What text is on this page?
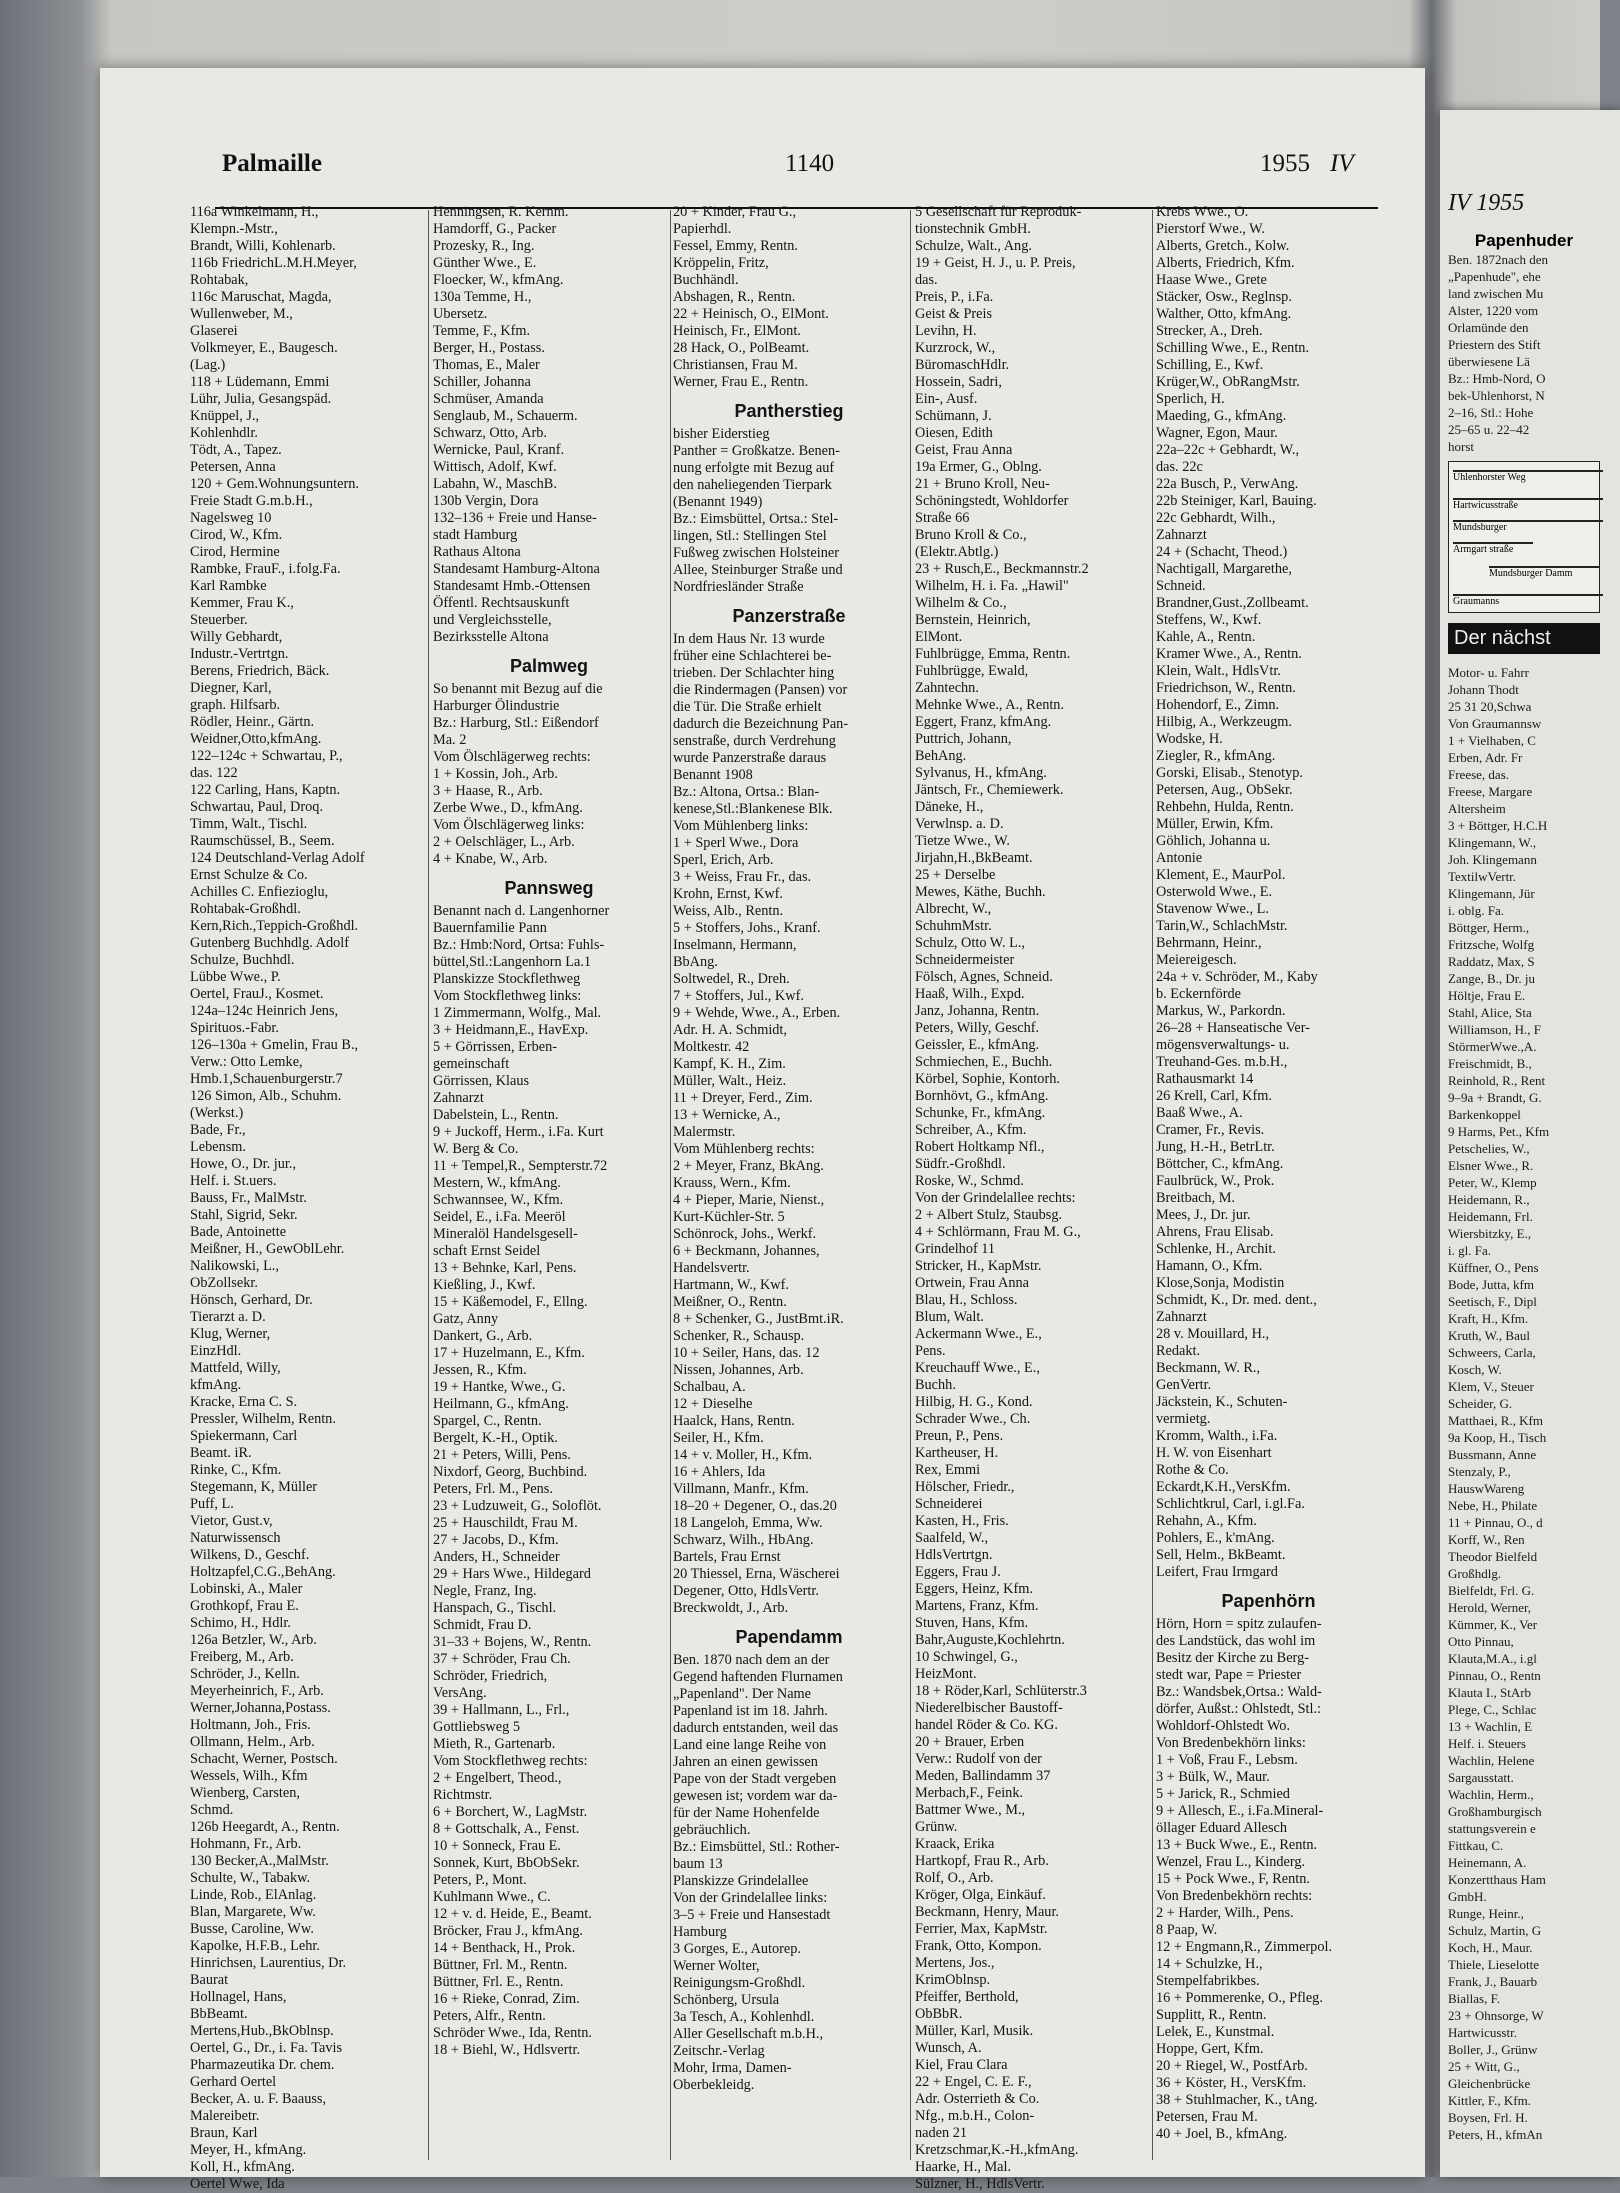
Palmaille	1140	1955 IV
116a Winkelmann, H.,
Klempn.-Mstr.,
Brandt, Willi, Kohlenarb.
116b FriedrichL.M.H.Meyer,
Rohtabak,
116c Maruschat, Magda,
Wullenweber, M.,
Glaserei
Volkmeyer, E., Baugesch.
(Lag.)
118 + Lüdemann, Emmi
Lühr, Julia, Gesangspäd.
Knüppel, J.,
Kohlenhdlr.
Tödt, A., Tapez.
Petersen, Anna
120 + Gem.Wohnungsuntern.
Freie Stadt G.m.b.H.,
Nagelsweg 10
Cirod, W., Kfm.
Cirod, Hermine
Rambke, FrauF., i.folg.Fa.
Karl Rambke
Kemmer, Frau K.,
Steuerber.
Willy Gebhardt,
Industr.-Vertrtgn.
Berens, Friedrich, Bäck.
Diegner, Karl,
graph. Hilfsarb.
Rödler, Heinr., Gärtn.
Weidner,Otto,kfmAng.
122–124c + Schwartau, P.,
das. 122
122 Carling, Hans, Kaptn.
Schwartau, Paul, Droq.
Timm, Walt., Tischl.
Raumschüssel, B., Seem.
124 Deutschland-Verlag Adolf
Ernst Schulze & Co.
Achilles C. Enfiezioglu,
Rohtabak-Großhdl.
Kern,Rich.,Teppich-Großhdl.
Gutenberg Buchhdlg. Adolf
Schulze, Buchhdl.
Lübbe Wwe., P.
Oertel, FrauJ., Kosmet.
124a–124c Heinrich Jens,
Spirituos.-Fabr.
126–130a + Gmelin, Frau B.,
Verw.: Otto Lemke,
Hmb.1,Schauenburgerstr.7
126 Simon, Alb., Schuhm.
(Werkst.)
Bade, Fr.,
Lebensm.
Howe, O., Dr. jur.,
Helf. i. St.uers.
Bauss, Fr., MalMstr.
Stahl, Sigrid, Sekr.
Bade, Antoinette
Meißner, H., GewOblLehr.
Nalikowski, L.,
ObZollsekr.
Hönsch, Gerhard, Dr.
Tierarzt a. D.
Klug, Werner,
EinzHdl.
Mattfeld, Willy,
kfmAng.
Kracke, Erna C. S.
Pressler, Wilhelm, Rentn.
Spiekermann, Carl
Beamt. iR.
Rinke, C., Kfm.
Stegemann, K, Müller
Puff, L.
Vietor, Gust.v,
Naturwissensch
Wilkens, D., Geschf.
Holtzapfel,C.G.,BehAng.
Lobinski, A., Maler
Grothkopf, Frau E.
Schimo, H., Hdlr.
126a Betzler, W., Arb.
Freiberg, M., Arb.
Schröder, J., Kelln.
Meyerheinrich, F., Arb.
Werner,Johanna,Postass.
Holtmann, Joh., Fris.
Ollmann, Helm., Arb.
Schacht, Werner, Postsch.
Wessels, Wilh., Kfm
Wienberg, Carsten,
Schmd.
126b Heegardt, A., Rentn.
Hohmann, Fr., Arb.
130 Becker,A.,MalMstr.
Schulte, W., Tabakw.
Linde, Rob., ElAnlag.
Blan, Margarete, Ww.
Busse, Caroline, Ww.
Kapolke, H.F.B., Lehr.
Hinrichsen, Laurentius, Dr.
Baurat
Hollnagel, Hans,
BbBeamt.
Mertens,Hub.,BkOblnsp.
Oertel, G., Dr., i. Fa. Tavis
Pharmazeutika Dr. chem.
Gerhard Oertel
Becker, A. u. F. Baauss,
Malereibetr.
Braun, Karl
Meyer, H., kfmAng.
Koll, H., kfmAng.
Oertel Wwe, Ida
Henningsen, R. Kernm.
Hamdorff, G., Packer
Prozesky, R., Ing.
Günther Wwe., E.
Floecker, W., kfmAng.
130a Temme, H.,
Ubersetz.
Temme, F., Kfm.
Berger, H., Postass.
Thomas, E., Maler
Schiller, Johanna
Schmüser, Amanda
Senglaub, M., Schauerm.
Schwarz, Otto, Arb.
Wernicke, Paul, Kranf.
Wittisch, Adolf, Kwf.
Labahn, W., MaschB.
130b Vergin, Dora
132–136 + Freie und Hanse-
stadt Hamburg
Rathaus Altona
Standesamt Hamburg-Altona
Standesamt Hmb.-Ottensen
Öffentl. Rechtsauskunft
und Vergleichsstelle,
Bezirksstelle Altona
Palmweg
So benannt mit Bezug auf die
Harburger Ölindustrie
Bz.: Harburg, Stl.: Eißendorf
Ma. 2
Vom Ölschlägerweg rechts:
1 + Kossin, Joh., Arb.
3 + Haase, R., Arb.
Zerbe Wwe., D., kfmAng.
Vom Ölschlägerweg links:
2 + Oelschläger, L., Arb.
4 + Knabe, W., Arb.
Pannsweg
Benannt nach d. Langenhorner
Bauernfamilie Pann
Bz.: Hmb:Nord, Ortsa: Fuhls-
büttel,Stl.:Langenhorn La.1
Planskizze Stockflethweg
Vom Stockflethweg links:
1 Zimmermann, Wolfg., Mal.
3 + Heidmann,E., HavExp.
5 + Görrissen, Erben-
gemeinschaft
Görrissen, Klaus
Zahnarzt
Dabelstein, L., Rentn.
9 + Juckoff, Herm., i.Fa. Kurt
W. Berg & Co.
11 + Tempel,R., Sempterstr.72
Mestern, W., kfmAng.
Schwannsee, W., Kfm.
Seidel, E., i.Fa. Meeröl
Mineralöl Handelsgesell-
schaft Ernst Seidel
13 + Behnke, Karl, Pens.
Kießling, J., Kwf.
15 + Käßemodel, F., Ellng.
Gatz, Anny
Dankert, G., Arb.
17 + Huzelmann, E., Kfm.
Jessen, R., Kfm.
19 + Hantke, Wwe., G.
Heilmann, G., kfmAng.
Spargel, C., Rentn.
Bergelt, K.-H., Optik.
21 + Peters, Willi, Pens.
Nixdorf, Georg, Buchbind.
Peters, Frl. M., Pens.
23 + Ludzuweit, G., Soloflöt.
25 + Hauschildt, Frau M.
27 + Jacobs, D., Kfm.
Anders, H., Schneider
29 + Hars Wwe., Hildegard
Negle, Franz, Ing.
Hanspach, G., Tischl.
Schmidt, Frau D.
31–33 + Bojens, W., Rentn.
37 + Schröder, Frau Ch.
Schröder, Friedrich,
VersAng.
39 + Hallmann, L., Frl.,
Gottliebsweg 5
Mieth, R., Gartenarb.
Vom Stockflethweg rechts:
2 + Engelbert, Theod.,
Richtmstr.
6 + Borchert, W., LagMstr.
8 + Gottschalk, A., Fenst.
10 + Sonneck, Frau E.
Sonnek, Kurt, BbObSekr.
Peters, P., Mont.
Kuhlmann Wwe., C.
12 + v. d. Heide, E., Beamt.
Bröcker, Frau J., kfmAng.
14 + Benthack, H., Prok.
Büttner, Frl. M., Rentn.
Büttner, Frl. E., Rentn.
16 + Rieke, Conrad, Zim.
Peters, Alfr., Rentn.
Schröder Wwe., Ida, Rentn.
18 + Biehl, W., Hdlsvertr.
20 + Kinder, Frau G.,
Papierhdl.
Fessel, Emmy, Rentn.
Kröppelin, Fritz,
Buchhändl.
Abshagen, R., Rentn.
22 + Heinisch, O., ElMont.
Heinisch, Fr., ElMont.
28 Hack, O., PolBeamt.
Christiansen, Frau M.
Werner, Frau E., Rentn.
Pantherstieg
bisher Eiderstieg
Panther = Großkatze. Benen-
nung erfolgte mit Bezug auf
den naheliegenden Tierpark
(Benannt 1949)
Bz.: Eimsbüttel, Ortsa.: Stel-
lingen, Stl.: Stellingen Stel
Fußweg zwischen Holsteiner
Allee, Steinburger Straße und
Nordfriesländer Straße
Panzerstraße
In dem Haus Nr. 13 wurde
früher eine Schlachterei be-
trieben. Der Schlachter hing
die Rindermagen (Pansen) vor
die Tür. Die Straße erhielt
dadurch die Bezeichnung Pan-
senstraße, durch Verdrehung
wurde Panzerstraße daraus
Benannt 1908
Bz.: Altona, Ortsa.: Blan-
kenese,Stl.:Blankenese Blk.
Vom Mühlenberg links:
1 + Sperl Wwe., Dora
Sperl, Erich, Arb.
3 + Weiss, Frau Fr., das.
Krohn, Ernst, Kwf.
Weiss, Alb., Rentn.
5 + Stoffers, Johs., Kranf.
Inselmann, Hermann,
BbAng.
Soltwedel, R., Dreh.
7 + Stoffers, Jul., Kwf.
9 + Wehde, Wwe., A., Erben.
Adr. H. A. Schmidt,
Moltkestr. 42
Kampf, K. H., Zim.
Müller, Walt., Heiz.
11 + Dreyer, Ferd., Zim.
13 + Wernicke, A.,
Malermstr.
Vom Mühlenberg rechts:
2 + Meyer, Franz, BkAng.
Krauss, Wern., Kfm.
4 + Pieper, Marie, Nienst.,
Kurt-Küchler-Str. 5
Schönrock, Johs., Werkf.
6 + Beckmann, Johannes,
Handelsvertr.
Hartmann, W., Kwf.
Meißner, O., Rentn.
8 + Schenker, G., JustBmt.iR.
Schenker, R., Schausp.
10 + Seiler, Hans, das. 12
Nissen, Johannes, Arb.
Schalbau, A.
12 + Dieselhe
Haalck, Hans, Rentn.
Seiler, H., Kfm.
14 + v. Moller, H., Kfm.
16 + Ahlers, Ida
Villmann, Manfr., Kfm.
18–20 + Degener, O., das.20
18 Langeloh, Emma, Ww.
Schwarz, Wilh., HbAng.
Bartels, Frau Ernst
20 Thiessel, Erna, Wäscherei
Degener, Otto, HdlsVertr.
Breckwoldt, J., Arb.
Papendamm
Ben. 1870 nach dem an der
Gegend haftenden Flurnamen
„Papenland". Der Name
Papenland ist im 18. Jahrh.
dadurch entstanden, weil das
Land eine lange Reihe von
Jahren an einen gewissen
Pape von der Stadt vergeben
gewesen ist; vordem war da-
für der Name Hohenfelde
gebräuchlich.
Bz.: Eimsbüttel, Stl.: Rother-
baum 13
Planskizze Grindelallee
Von der Grindelallee links:
3–5 + Freie und Hansestadt
Hamburg
3 Gorges, E., Autorep.
Werner Wolter,
Reinigungsm-Großhdl.
Schönberg, Ursula
3a Tesch, A., Kohlenhdl.
Aller Gesellschaft m.b.H.,
Zeitschr.-Verlag
Mohr, Irma, Damen-
Oberbekleidg.
5 Gesellschaft für Reproduk-
tionstechnik GmbH.
Schulze, Walt., Ang.
19 + Geist, H. J., u. P. Preis,
das.
Preis, P., i.Fa.
Geist & Preis
Levihn, H.
Kurzrock, W.,
BüromaschHdlr.
Hossein, Sadri,
Ein-, Ausf.
Schümann, J.
Oiesen, Edith
Geist, Frau Anna
19a Ermer, G., Oblng.
21 + Bruno Kroll, Neu-
Schöningstedt, Wohldorfer
Straße 66
Bruno Kroll & Co.,
(Elektr.Abtlg.)
23 + Rusch,E., Beckmannstr.2
Wilhelm, H. i. Fa. „Hawil"
Wilhelm & Co.,
Bernstein, Heinrich,
ElMont.
Fuhlbrügge, Emma, Rentn.
Fuhlbrügge, Ewald,
Zahntechn.
Mehnke Wwe., A., Rentn.
Eggert, Franz, kfmAng.
Puttrich, Johann,
BehAng.
Sylvanus, H., kfmAng.
Jäntsch, Fr., Chemiewerk.
Däneke, H.,
Verwlnsp. a. D.
Tietze Wwe., W.
Jirjahn,H.,BkBeamt.
25 + Derselbe
Mewes, Käthe, Buchh.
Albrecht, W.,
SchuhmMstr.
Schulz, Otto W. L.,
Schneidermeister
Fölsch, Agnes, Schneid.
Haaß, Wilh., Expd.
Janz, Johanna, Rentn.
Peters, Willy, Geschf.
Geissler, E., kfmAng.
Schmiechen, E., Buchh.
Körbel, Sophie, Kontorh.
Bornhövt, G., kfmAng.
Schunke, Fr., kfmAng.
Schreiber, A., Kfm.
Robert Holtkamp Nfl.,
Südfr.-Großhdl.
Roske, W., Schmd.
Von der Grindelallee rechts:
2 + Albert Stulz, Staubsg.
4 + Schlörmann, Frau M. G.,
Grindelhof 11
Stricker, H., KapMstr.
Ortwein, Frau Anna
Blau, H., Schloss.
Blum, Walt.
Ackermann Wwe., E.,
Pens.
Kreuchauff Wwe., E.,
Buchh.
Hilbig, H. G., Kond.
Schrader Wwe., Ch.
Preun, P., Pens.
Kartheuser, H.
Rex, Emmi
Hölscher, Friedr.,
Schneiderei
Kasten, H., Fris.
Saalfeld, W.,
HdlsVertrtgn.
Eggers, Frau J.
Eggers, Heinz, Kfm.
Martens, Franz, Kfm.
Stuven, Hans, Kfm.
Bahr,Auguste,Kochlehrtn.
10 Schwingel, G.,
HeizMont.
18 + Röder,Karl, Schlüterstr.3
Niederelbischer Baustoff-
handel Röder & Co. KG.
20 + Brauer, Erben
Verw.: Rudolf von der
Meden, Ballindamm 37
Merbach,F., Feink.
Battmer Wwe., M.,
Grünw.
Kraack, Erika
Hartkopf, Frau R., Arb.
Rolf, O., Arb.
Kröger, Olga, Einkäuf.
Beckmann, Henry, Maur.
Ferrier, Max, KapMstr.
Frank, Otto, Kompon.
Mertens, Jos.,
KrimOblnsp.
Pfeiffer, Berthold,
ObBbR.
Müller, Karl, Musik.
Wunsch, A.
Kiel, Frau Clara
22 + Engel, C. E. F.,
Adr. Osterrieth & Co.
Nfg., m.b.H., Colon-
naden 21
Kretzschmar,K.-H.,kfmAng.
Haarke, H., Mal.
Sülzner, H., HdlsVertr.
Krebs Wwe., O.
Pierstorf Wwe., W.
Alberts, Gretch., Kolw.
Alberts, Friedrich, Kfm.
Haase Wwe., Grete
Stäcker, Osw., Reglnsp.
Walther, Otto, kfmAng.
Strecker, A., Dreh.
Schilling Wwe., E., Rentn.
Schilling, E., Kwf.
Krüger,W., ObRangMstr.
Sperlich, H.
Maeding, G., kfmAng.
Wagner, Egon, Maur.
22a–22c + Gebhardt, W.,
das. 22c
22a Busch, P., VerwAng.
22b Steiniger, Karl, Bauing.
22c Gebhardt, Wilh.,
Zahnarzt
24 + (Schacht, Theod.)
Nachtigall, Margarethe,
Schneid.
Brandner,Gust.,Zollbeamt.
Steffens, W., Kwf.
Kahle, A., Rentn.
Kramer Wwe., A., Rentn.
Klein, Walt., HdlsVtr.
Friedrichson, W., Rentn.
Hohendorf, E., Zimn.
Hilbig, A., Werkzeugm.
Wodske, H.
Ziegler, R., kfmAng.
Gorski, Elisab., Stenotyp.
Petersen, Aug., ObSekr.
Rehbehn, Hulda, Rentn.
Müller, Erwin, Kfm.
Göhlich, Johanna u.
Antonie
Klement, E., MaurPol.
Osterwold Wwe., E.
Stavenow Wwe., L.
Tarin,W., SchlachMstr.
Behrmann, Heinr.,
Meiereigesch.
24a + v. Schröder, M., Kaby
b. Eckernförde
Markus, W., Parkordn.
26–28 + Hanseatische Ver-
mögensverwaltungs- u.
Treuhand-Ges. m.b.H.,
Rathausmarkt 14
26 Krell, Carl, Kfm.
Baaß Wwe., A.
Cramer, Fr., Revis.
Jung, H.-H., BetrLtr.
Böttcher, C., kfmAng.
Faulbrück, W., Prok.
Breitbach, M.
Mees, J., Dr. jur.
Ahrens, Frau Elisab.
Schlenke, H., Archit.
Hamann, O., Kfm.
Klose,Sonja, Modistin
Schmidt, K., Dr. med. dent.,
Zahnarzt
28 v. Mouillard, H.,
Redakt.
Beckmann, W. R.,
GenVertr.
Jäckstein, K., Schuten-
vermietg.
Kromm, Walth., i.Fa.
H. W. von Eisenhart
Rothe & Co.
Eckardt,K.H.,VersKfm.
Schlichtkrul, Carl, i.gl.Fa.
Rehahn, A., Kfm.
Pohlers, E., k'mAng.
Sell, Helm., BkBeamt.
Leifert, Frau Irmgard
Papenhörn
Hörn, Horn = spitz zulaufen-
des Landstück, das wohl im
Besitz der Kirche zu Berg-
stedt war, Pape = Priester
Bz.: Wandsbek,Ortsa.: Wald-
dörfer, Außst.: Ohlstedt, Stl.:
Wohldorf-Ohlstedt Wo.
Von Bredenbekhörn links:
1 + Voß, Frau F., Lebsm.
3 + Bülk, W., Maur.
5 + Jarick, R., Schmied
9 + Allesch, E., i.Fa.Mineral-
öllager Eduard Allesch
13 + Buck Wwe., E., Rentn.
Wenzel, Frau L., Kinderg.
15 + Pock Wwe., F, Rentn.
Von Bredenbekhörn rechts:
2 + Harder, Wilh., Pens.
8 Paap, W.
12 + Engmann,R., Zimmerpol.
14 + Schulzke, H.,
Stempelfabrikbes.
16 + Pommerenke, O., Pfleg.
Supplitt, R., Rentn.
Lelek, E., Kunstmal.
Hoppe, Gert, Kfm.
20 + Riegel, W., PostfArb.
36 + Köster, H., VersKfm.
38 + Stuhlmacher, K., tAng.
Petersen, Frau M.
40 + Joel, B., kfmAng.
IV 1955
Papenhuder
Ben. 1872nach den
„Papenhude", ehe
land zwischen Mu
Alster, 1220 vom
Orlamünde den
Priestern des Stift
überwiesene Lä
Bz.: Hmb-Nord, O
bek-Uhlenhorst, N
2–16, Stl.: Hohe
25–65 u. 22–42
horst
Uhlenhorster Weg
Hartwicusstraße
Mundsburger
Armgart straße
Mundsburger Damm
Graumanns
Der nächst
Motor- u. Fahrr
Johann Thodt
25 31 20,Schwa
Von Graumannsw
1 + Vielhaben, C
Erben, Adr. Fr
Freese, das.
Freese, Margare
Altersheim
3 + Böttger, H.C.H
Klingemann, W.,
Joh. Klingemann
TextilwVertr.
Klingemann, Jür
i. oblg. Fa.
Böttger, Herm.,
Fritzsche, Wolfg
Raddatz, Max, S
Zange, B., Dr. ju
Höltje, Frau E.
Stahl, Alice, Sta
Williamson, H., F
StörmerWwe.,A.
Freischmidt, B.,
Reinhold, R., Rent
9–9a + Brandt, G.
Barkenkoppel
9 Harms, Pet., Kfm
Petschelies, W.,
Elsner Wwe., R.
Peter, W., Klemp
Heidemann, R.,
Heidemann, Frl.
Wiersbitzky, E.,
i. gl. Fa.
Küffner, O., Pens
Bode, Jutta, kfm
Seetisch, F., Dipl
Kraft, H., Kfm.
Kruth, W., Baul
Schweers, Carla,
Kosch, W.
Klem, V., Steuer
Scheider, G.
Matthaei, R., Kfm
9a Koop, H., Tisch
Bussmann, Anne
Stenzaly, P.,
HauswWareng
Nebe, H., Philate
11 + Pinnau, O., d
Korff, W., Ren
Theodor Bielfeld
Großhdlg.
Bielfeldt, Frl. G.
Herold, Werner,
Kümmer, K., Ver
Otto Pinnau,
Klauta,M.A., i.gl
Pinnau, O., Rentn
Klauta I., StArb
Plege, C., Schlac
13 + Wachlin, E
Helf. i. Steuers
Wachlin, Helene
Sargausstatt.
Wachlin, Herm.,
Großhamburgisch
stattungsverein e
Fittkau, C.
Heinemann, A.
Konzertthaus Ham
GmbH.
Runge, Heinr.,
Schulz, Martin, G
Koch, H., Maur.
Thiele, Lieselotte
Frank, J., Bauarb
Biallas, F.
23 + Ohnsorge, W
Hartwicusstr.
Boller, J., Grünw
25 + Witt, G.,
Gleichenbrücke
Kittler, F., Kfm.
Boysen, Frl. H.
Peters, H., kfmAn
